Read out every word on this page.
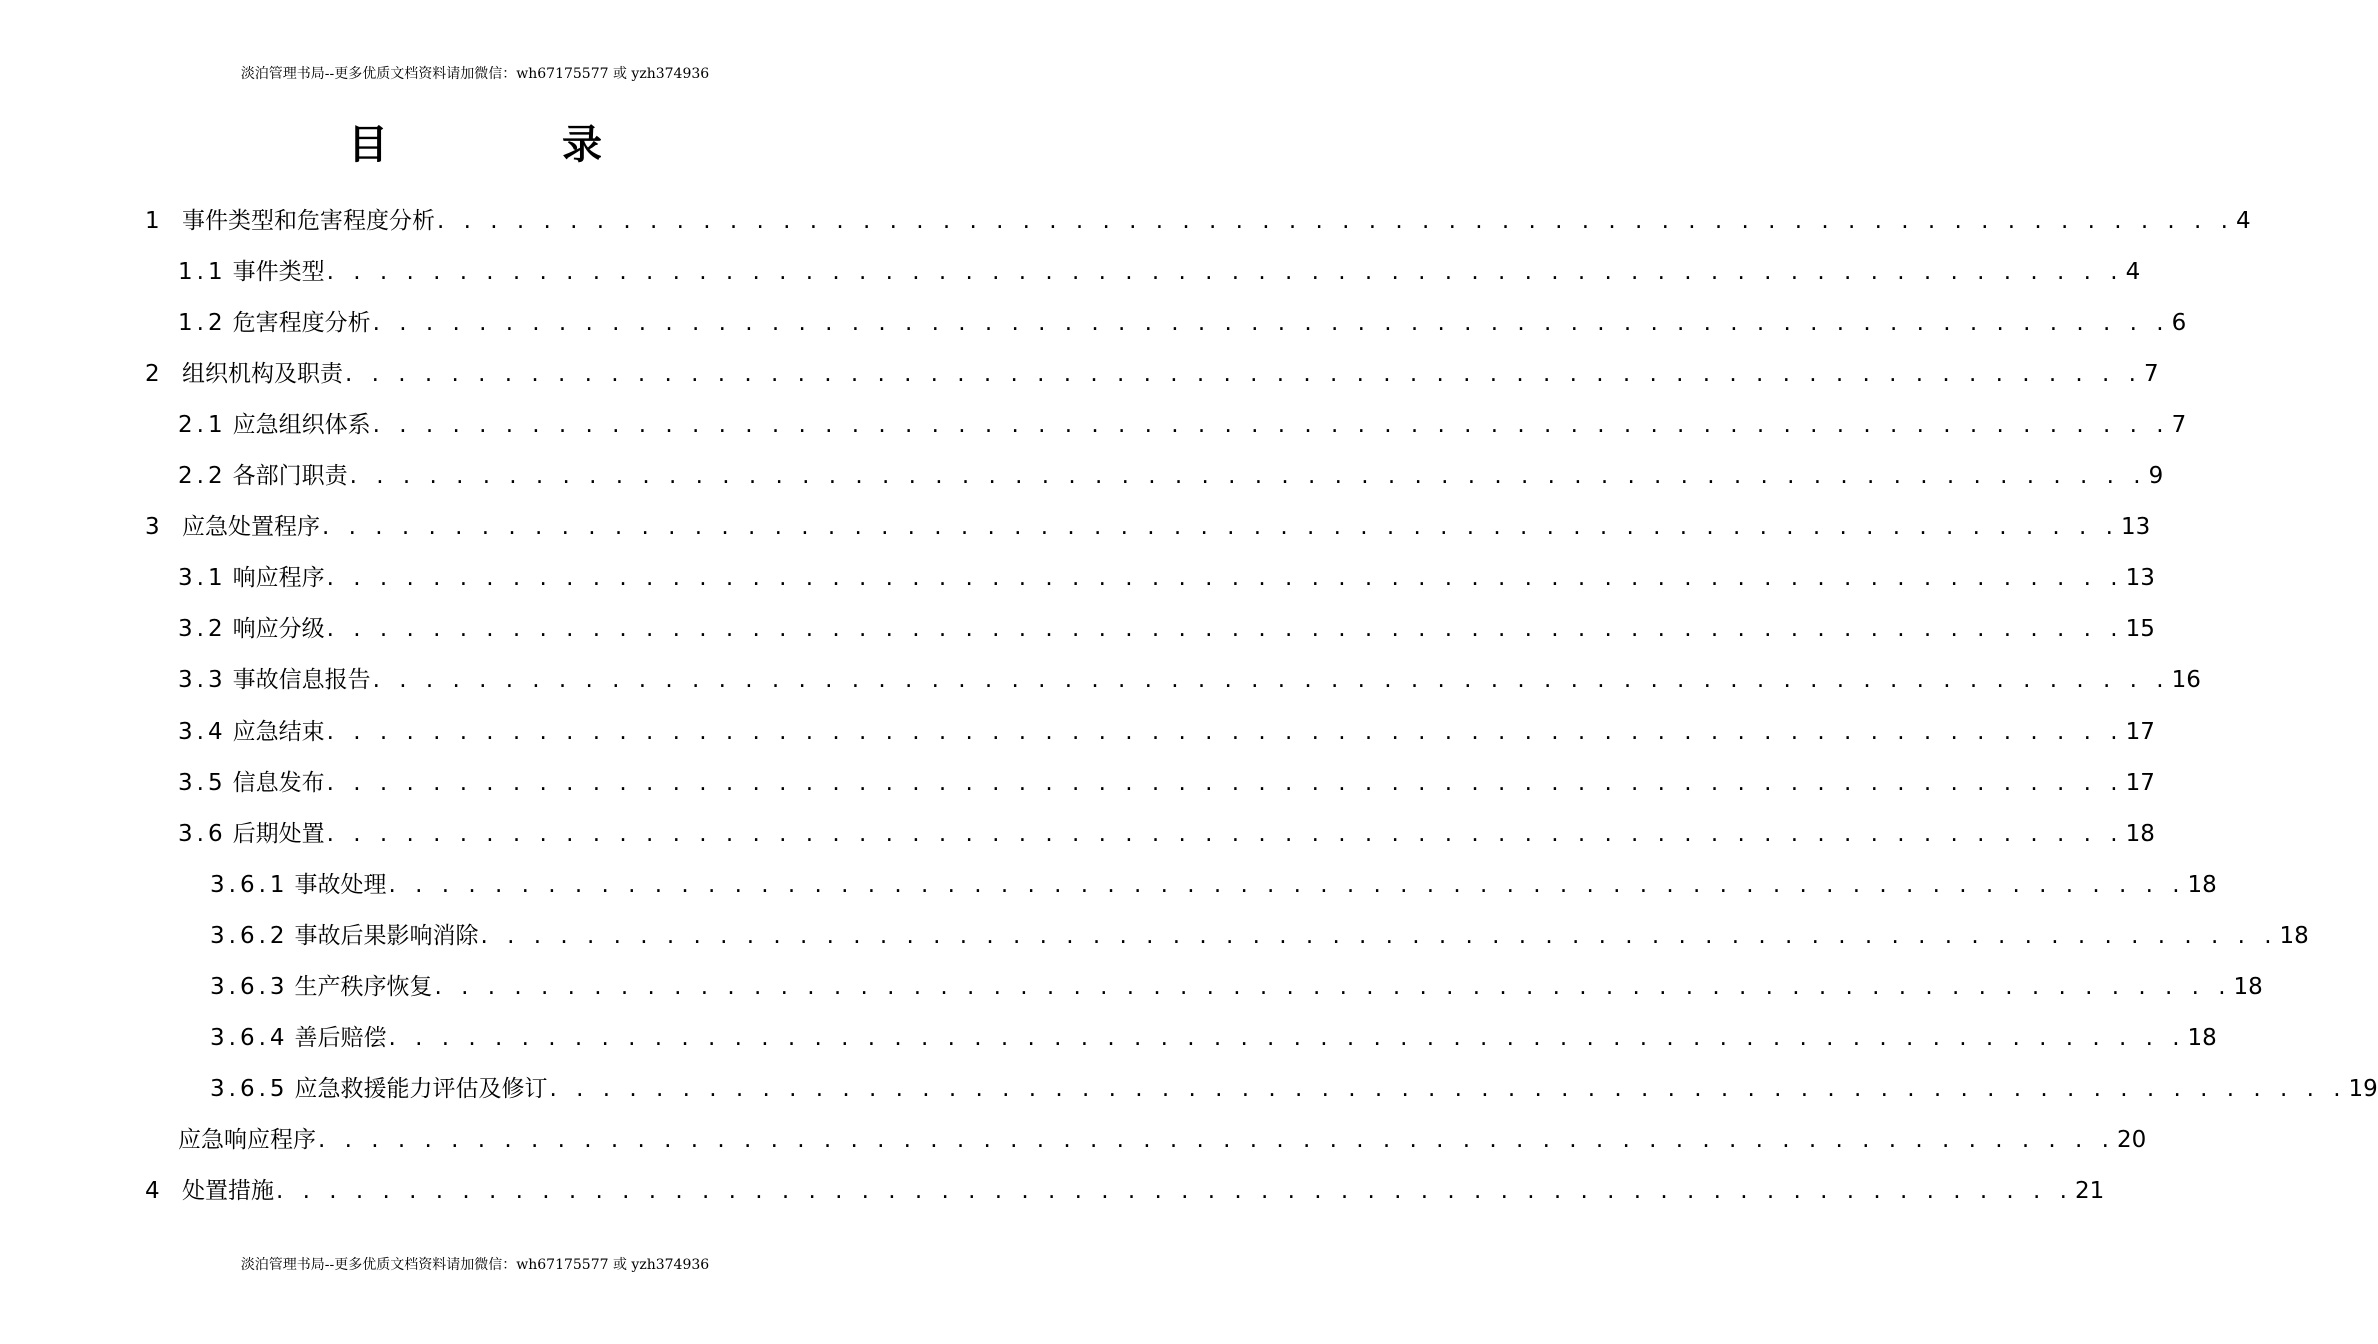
淡泊管理书局--更多优质文档资料请加微信：wh67175577 或 yzh374936
目 录
1 事件类型和危害程度分析 . . . . . . . . . . . . . . . . . . . . . . . . . . . . . . . . . . . . . . . . . . . . . . . . . . . . . . . . . . . . . . . . . . . . 4
1.1 事件类型 . . . . . . . . . . . . . . . . . . . . . . . . . . . . . . . . . . . . . . . . . . . . . . . . . . . . . . . . . . . . . . . . . . . . 4
1.2 危害程度分析 . . . . . . . . . . . . . . . . . . . . . . . . . . . . . . . . . . . . . . . . . . . . . . . . . . . . . . . . . . . . . . . . . . . . 6
2 组织机构及职责 . . . . . . . . . . . . . . . . . . . . . . . . . . . . . . . . . . . . . . . . . . . . . . . . . . . . . . . . . . . . . . . . . . . . 7
2.1 应急组织体系 . . . . . . . . . . . . . . . . . . . . . . . . . . . . . . . . . . . . . . . . . . . . . . . . . . . . . . . . . . . . . . . . . . . . 7
2.2 各部门职责 . . . . . . . . . . . . . . . . . . . . . . . . . . . . . . . . . . . . . . . . . . . . . . . . . . . . . . . . . . . . . . . . . . . . 9
3 应急处置程序 . . . . . . . . . . . . . . . . . . . . . . . . . . . . . . . . . . . . . . . . . . . . . . . . . . . . . . . . . . . . . . . . . . . . 13
3.1 响应程序 . . . . . . . . . . . . . . . . . . . . . . . . . . . . . . . . . . . . . . . . . . . . . . . . . . . . . . . . . . . . . . . . . . . . 13
3.2 响应分级 . . . . . . . . . . . . . . . . . . . . . . . . . . . . . . . . . . . . . . . . . . . . . . . . . . . . . . . . . . . . . . . . . . . . 15
3.3 事故信息报告 . . . . . . . . . . . . . . . . . . . . . . . . . . . . . . . . . . . . . . . . . . . . . . . . . . . . . . . . . . . . . . . . . . . . 16
3.4 应急结束 . . . . . . . . . . . . . . . . . . . . . . . . . . . . . . . . . . . . . . . . . . . . . . . . . . . . . . . . . . . . . . . . . . . . 17
3.5 信息发布 . . . . . . . . . . . . . . . . . . . . . . . . . . . . . . . . . . . . . . . . . . . . . . . . . . . . . . . . . . . . . . . . . . . . 17
3.6 后期处置 . . . . . . . . . . . . . . . . . . . . . . . . . . . . . . . . . . . . . . . . . . . . . . . . . . . . . . . . . . . . . . . . . . . . 18
3.6.1 事故处理 . . . . . . . . . . . . . . . . . . . . . . . . . . . . . . . . . . . . . . . . . . . . . . . . . . . . . . . . . . . . . . . . . . . . 18
3.6.2 事故后果影响消除 . . . . . . . . . . . . . . . . . . . . . . . . . . . . . . . . . . . . . . . . . . . . . . . . . . . . . . . . . . . . . . . . . . . . 18
3.6.3 生产秩序恢复 . . . . . . . . . . . . . . . . . . . . . . . . . . . . . . . . . . . . . . . . . . . . . . . . . . . . . . . . . . . . . . . . . . . . 18
3.6.4 善后赔偿 . . . . . . . . . . . . . . . . . . . . . . . . . . . . . . . . . . . . . . . . . . . . . . . . . . . . . . . . . . . . . . . . . . . . 18
3.6.5 应急救援能力评估及修订 . . . . . . . . . . . . . . . . . . . . . . . . . . . . . . . . . . . . . . . . . . . . . . . . . . . . . . . . . . . . . . . . . . . . 19
应急响应程序 . . . . . . . . . . . . . . . . . . . . . . . . . . . . . . . . . . . . . . . . . . . . . . . . . . . . . . . . . . . . . . . . . . . . 20
4 处置措施 . . . . . . . . . . . . . . . . . . . . . . . . . . . . . . . . . . . . . . . . . . . . . . . . . . . . . . . . . . . . . . . . . . . . 21
淡泊管理书局--更多优质文档资料请加微信：wh67175577 或 yzh374936
